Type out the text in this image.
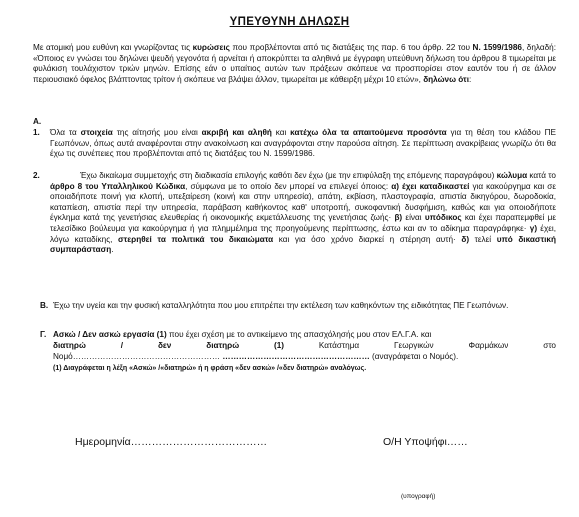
ΥΠΕΥΘΥΝΗ ΔΗΛΩΣΗ
Με ατομική μου ευθύνη και γνωρίζοντας τις κυρώσεις που προβλέπονται από τις διατάξεις της παρ. 6 του άρθρ. 22 του Ν. 1599/1986, δηλαδή: «Όποιος εν γνώσει του δηλώνει ψευδή γεγονότα ή αρνείται ή αποκρύπτει τα αληθινά με έγγραφη υπεύθυνη δήλωση του άρθρου 8 τιμωρείται με φυλάκιση τουλάχιστον τριών μηνών. Επίσης εάν ο υπαίτιος αυτών των πράξεων σκόπευε να προσπορίσει στον εαυτόν του ή σε άλλον περιουσιακό όφελος βλάπτοντας τρίτον ή σκόπευε να βλάψει άλλον, τιμωρείται με κάθειρξη μέχρι 10 ετών», δηλώνω ότι:
Α.
1. Όλα τα στοιχεία της αίτησής μου είναι ακριβή και αληθή και κατέχω όλα τα απαιτούμενα προσόντα για τη θέση του κλάδου ΠΕ Γεωπόνων, όπως αυτά αναφέρονται στην ανακοίνωση και αναγράφονται στην παρούσα αίτηση. Σε περίπτωση ανακρίβειας γνωρίζω ότι θα έχω τις συνέπειες που προβλέπονται από τις διατάξεις του Ν. 1599/1986.
2.	Έχω δικαίωμα συμμετοχής στη διαδικασία επιλογής καθότι δεν έχω (με την επιφύλαξη της επόμενης παραγράφου) κώλυμα κατά το άρθρο 8 του Υπαλληλικού Κώδικα, σύμφωνα με το οποίο δεν μπορεί να επιλεγεί όποιος: α) έχει καταδικαστεί για κακούργημα και σε οποιαδήποτε ποινή για κλοπή, υπεξαίρεση (κοινή και στην υπηρεσία), απάτη, εκβίαση, πλαστογραφία, απιστία δικηγόρου, δωροδοκία, καταπίεση, απιστία περί την υπηρεσία, παράβαση καθήκοντος καθ' υποτροπή, συκοφαντική δυσφήμιση, καθώς και για οποιοδήποτε έγκλημα κατά της γενετήσιας ελευθερίας ή οικονομικής εκμετάλλευσης της γενετήσιας ζωής· β) είναι υπόδικος και έχει παραπεμφθεί με τελεσίδικο βούλευμα για κακούργημα ή για πλημμέλημα της προηγούμενης περίπτωσης, έστω και αν το αδίκημα παραγράφηκε· γ) έχει, λόγω καταδίκης, στερηθεί τα πολιτικά του δικαιώματα και για όσο χρόνο διαρκεί η στέρηση αυτή· δ) τελεί υπό δικαστική συμπαράσταση.
Β. Έχω την υγεία και την φυσική καταλληλότητα που μου επιτρέπει την εκτέλεση των καθηκόντων της ειδικότητας ΠΕ Γεωπόνων.
Γ. Ασκώ / Δεν ασκώ εργασία (1) που έχει σχέση με το αντικείμενο της απασχόλησής μου στον ΕΛ.Γ.Α. και
διατηρώ	/	δεν	διατηρώ	(1)	Κατάστημα	Γεωργικών	Φαρμάκων	στο
Νομό……………………………………………… ……………………………………………… (αναγράφεται ο Νομός).
(1) Διαγράφεται η λέξη «Ασκώ» /«διατηρώ» ή η φράση «δεν ασκώ» /«δεν διατηρώ» αναλόγως.
Ημερομηνία…………………………………	Ο/Η Υποψήφι……
(υπογραφή)
